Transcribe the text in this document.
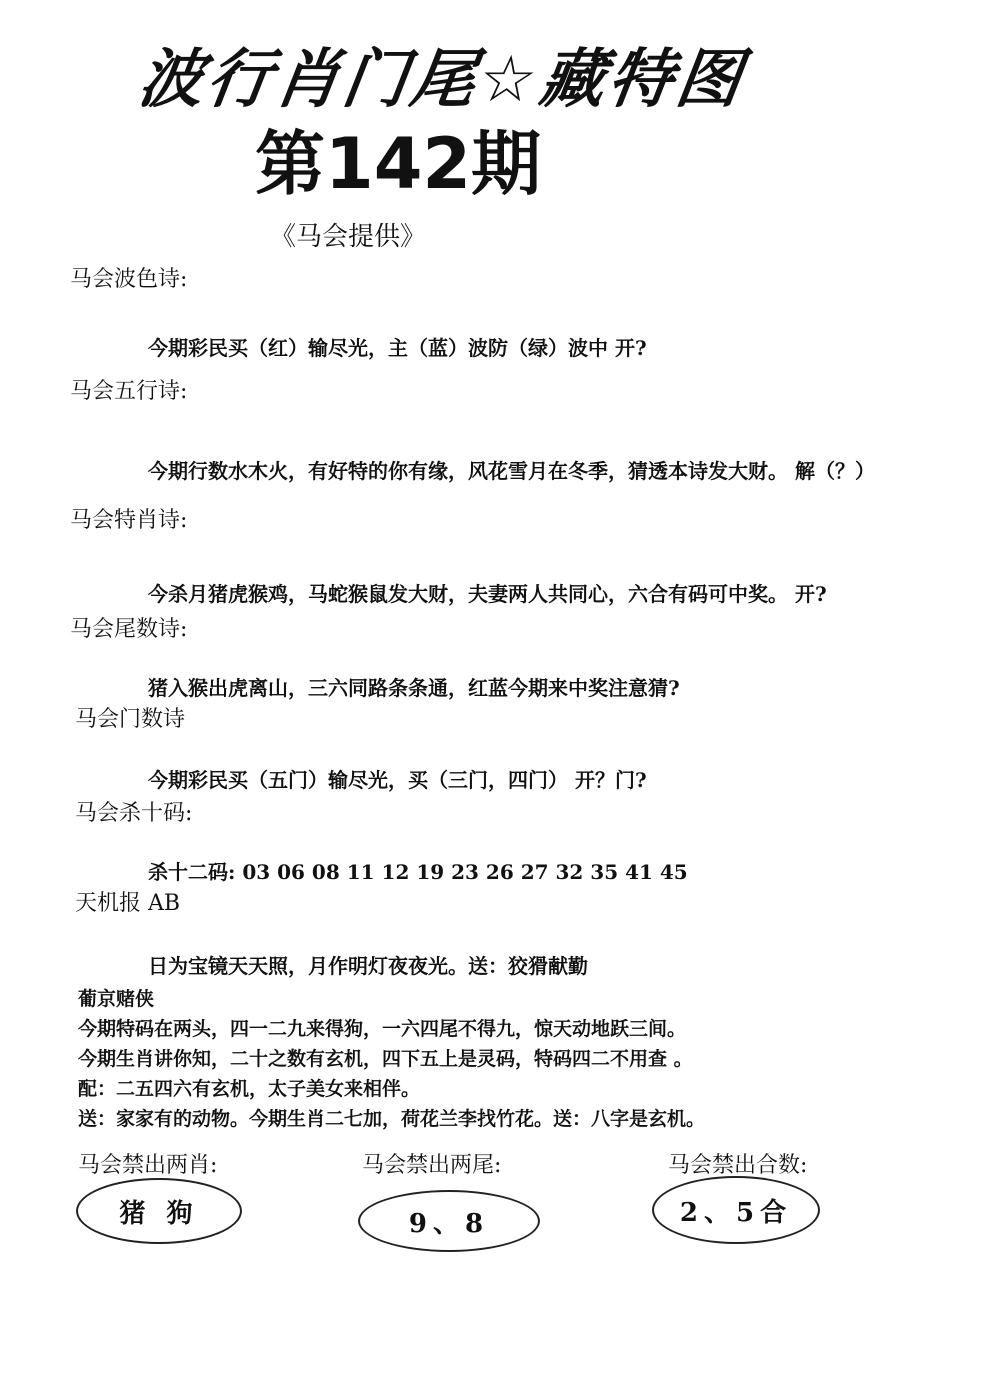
波行肖门尾☆藏特图
第142期
《马会提供》
马会波色诗:
今期彩民买（红）输尽光，主（蓝）波防（绿）波中 开?
马会五行诗:
今期行数水木火，有好特的你有缘，风花雪月在冬季，猜透本诗发大财。 解（？）
马会特肖诗:
今杀月猪虎猴鸡，马蛇猴鼠发大财，夫妻两人共同心，六合有码可中奖。 开?
马会尾数诗:
猪入猴出虎离山，三六同路条条通，红蓝今期来中奖注意猜?
马会门数诗
今期彩民买（五门）输尽光，买（三门，四门） 开？门?
马会杀十码:
杀十二码: 03 06 08 11 12 19 23 26 27 32 35 41 45
天机报 AB
日为宝镜天天照，月作明灯夜夜光。送：狡猾献勤
葡京赌侠
今期特码在两头，四一二九来得狗，一六四尾不得九，惊天动地跃三间。
今期生肖讲你知，二十之数有玄机，四下五上是灵码，特码四二不用查 。
配：二五四六有玄机，太子美女来相伴。
送：家家有的动物。今期生肖二七加，荷花兰李找竹花。送：八字是玄机。
马会禁出两肖:	马会禁出两尾:	马会禁出合数:
猪 狗	9、8	2、5合
